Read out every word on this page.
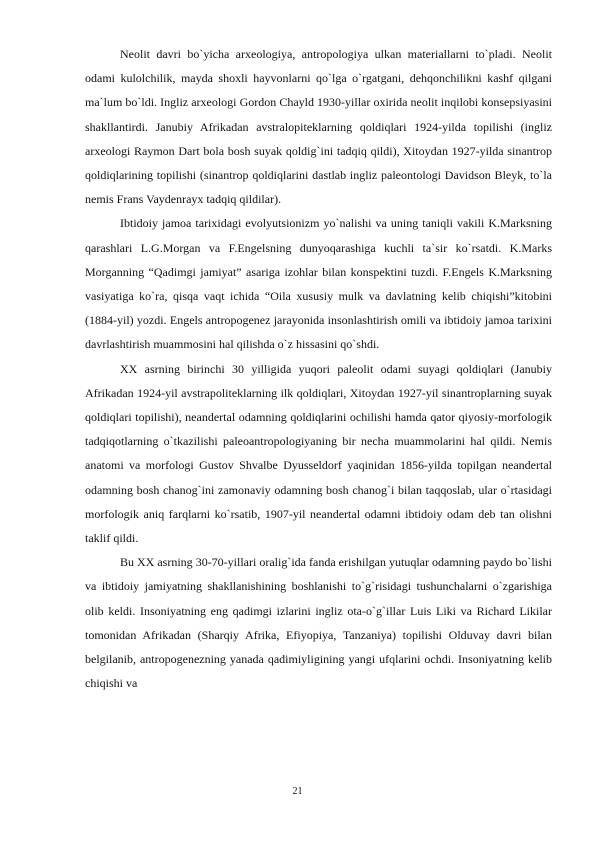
Neolit davri bo`yicha arxeologiya, antropologiya ulkan materiallarni to`pladi. Neolit odami kulolchilik, mayda shoxli hayvonlarni qo`lga o`rgatgani, dehqonchilikni kashf qilgani ma`lum bo`ldi. Ingliz arxeologi Gordon Chayld 1930-yillar oxirida neolit inqilobi konsepsiyasini shakllantirdi. Janubiy Afrikadan avstralopiteklarning qoldiqlari 1924-yilda topilishi (ingliz arxeologi Raymon Dart bola bosh suyak qoldig`ini tadqiq qildi), Xitoydan 1927-yilda sinantrop qoldiqlarining topilishi (sinantrop qoldiqlarini dastlab ingliz paleontologi Davidson Bleyk, to`la nemis Frans Vaydenrayx tadqiq qildilar).

Ibtidoiy jamoa tarixidagi evolyutsionizm yo`nalishi va uning taniqli vakili K.Marksning qarashlari L.G.Morgan va F.Engelsning dunyoqarashiga kuchli ta`sir ko`rsatdi. K.Marks Morganning “Qadimgi jamiyat” asariga izohlar bilan konspektini tuzdi. F.Engels K.Marksning vasiyatiga ko`ra, qisqa vaqt ichida “Oila xususiy mulk va davlatning kelib chiqishi”kitobini (1884-yil) yozdi. Engels antropogenez jarayonida insonlashtirish omili va ibtidoiy jamoa tarixini davrlashtirish muammosini hal qilishda o`z hissasini qo`shdi.

XX asrning birinchi 30 yilligida yuqori paleolit odami suyagi qoldiqlari (Janubiy Afrikadan 1924-yil avstrapoliteklarning ilk qoldiqlari, Xitoydan 1927-yil sinantroplarning suyak qoldiqlari topilishi), neandertal odamning qoldiqlarini ochilishi hamda qator qiyosiy-morfologik tadqiqotlarning o`tkazilishi paleoantropologiyaning bir necha muammolarini hal qildi. Nemis anatomi va morfologi Gustov Shvalbe Dyusseldorf yaqinidan 1856-yilda topilgan neandertal odamning bosh chanog`ini zamonaviy odamning bosh chanog`i bilan taqqoslab, ular o`rtasidagi morfologik aniq farqlarni ko`rsatib, 1907-yil neandertal odamni ibtidoiy odam deb tan olishni taklif qildi.

Bu XX asrning 30-70-yillari oralig`ida fanda erishilgan yutuqlar odamning paydo bo`lishi va ibtidoiy jamiyatning shakllanishining boshlanishi to`g`risidagi tushunchalarni o`zgarishiga olib keldi. Insoniyatning eng qadimgi izlarini ingliz ota-o`g`illar Luis Liki va Richard Likilar tomonidan Afrikadan (Sharqiy Afrika, Efiyopiya, Tanzaniya) topilishi Olduvay davri bilan belgilanib, antropogenezning yanada qadimiyligining yangi ufqlarini ochdi. Insoniyatning kelib chiqishi va

21
